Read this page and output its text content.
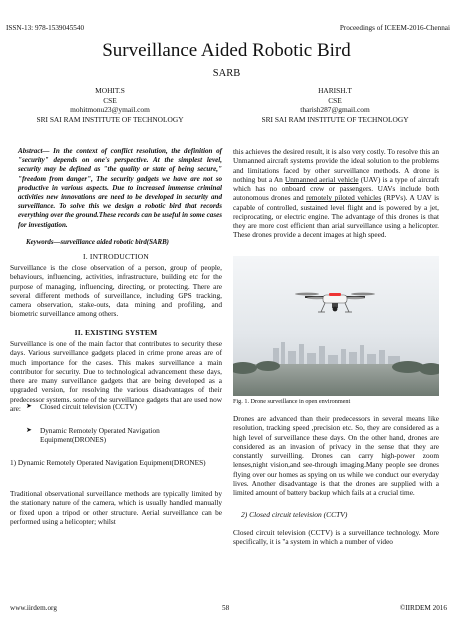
ISSN-13: 978-1539045540	Proceedings of ICEEM-2016-Chennai
Surveillance Aided Robotic Bird
SARB
MOHIT.S
CSE
mohitmonu23@ymail.com
SRI SAI RAM INSTITUTE OF TECHNOLOGY
HARISH.T
CSE
tharish287@gmail.com
SRI SAI RAM INSTITUTE OF TECHNOLOGY
Abstract— In the context of conflict resolution, the definition of "security" depends on one's perspective. At the simplest level, security may be defined as "the quality or state of being secure," "freedom from danger", The security gadgets we have are not so productive in various aspects. Due to increased immense criminal activities new innovations are need to be developed in security and surveillance. To solve this we design a robotic bird that records everything over the ground.These records can be useful in some cases for investigation.
Keywords—surveillance aided robotic bird(SARB)
I. INTRODUCTION
Surveillance is the close observation of a person, group of people, behaviours, influencing, activities, infrastructure, building etc for the purpose of managing, influencing, directing, or protecting. There are several different methods of surveillance, including GPS tracking, camera observation, stake-outs, data mining and profiling, and biometric surveillance among others.
II. EXISTING SYSTEM
Surveillance is one of the main factor that contributes to security these days. Various surveillance gadgets placed in crime prone areas are of much importance for the cases. This makes surveillance a main contributor for security. Due to technological advancement these days, there are many surveillance gadgets that are being developed as a upgraded version, for resolving the various disadvantages of their predecessor systems. some of the surveillance gadgets that are used now are: ➤ Closed circuit television (CCTV)
➤ Dynamic Remotely Operated Navigation Equipment(DRONES)
1) Dynamic Remotely Operated Navigation Equipment(DRONES)
Traditional observational surveillance methods are typically limited by the stationary nature of the camera, which is usually handled manually or fixed upon a tripod or other structure. Aerial surveillance can be performed using a helicopter; whilst
this achieves the desired result, it is also very costly. To resolve this an Unmanned aircraft systems provide the ideal solution to the problems and limitations faced by other surveillance methods. A drone is nothing but a An Unmanned aerial vehicle (UAV) is a type of aircraft which has no onboard crew or passengers. UAVs include both autonomous drones and remotely piloted vehicles (RPVs). A UAV is capable of controlled, sustained level flight and is powered by a jet, reciprocating, or electric engine. The advantage of this drones is that they are more cost efficient than arial surveillance using a helicopter. These drones provide a decent images at high speed.
Fig. 1. Drone surveillance in open environment
Drones are advanced than their predecessors in several means like resolution, tracking speed ,precision etc. So, they are considered as a high level of surveillance these days. On the other hand, drones are considered as an invasion of privacy in the sense that they are constantly surveilling. Drones can carry high-power zoom lenses,night vision,and see-through imaging.Many people see drones flying over our homes as spying on us while we conduct our everyday lives. Another disadvantage is that the drones are supplied with a limited amount of battery backup which fails at a crucial time.
2) Closed circuit television (CCTV)
Closed circuit television (CCTV) is a surveillance technology. More specifically, it is "a system in which a number of video
www.iirdem.org	58	©IIRDEM 2016
